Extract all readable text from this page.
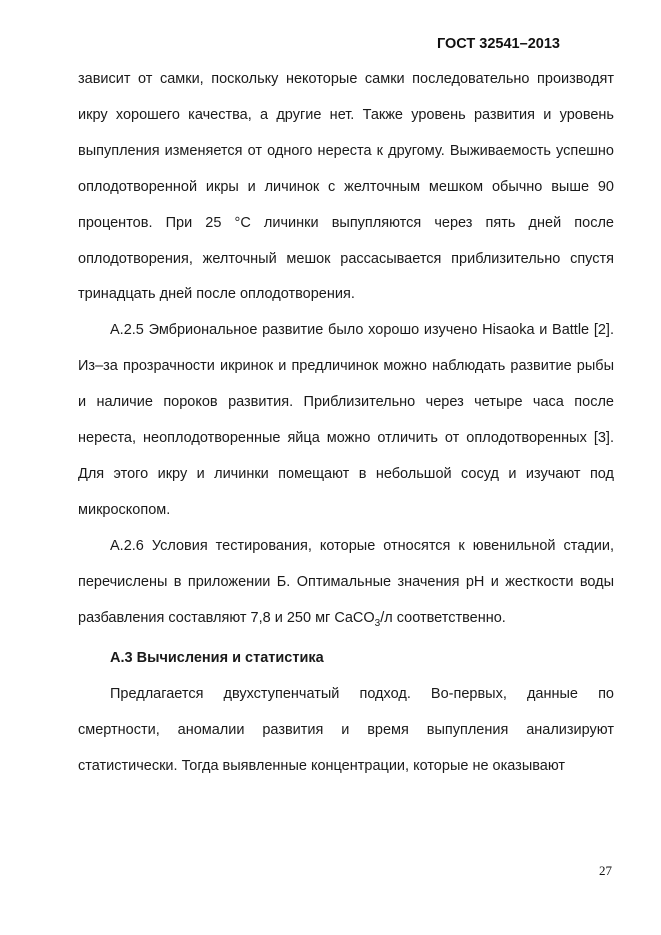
ГОСТ 32541–2013

зависит от самки, поскольку некоторые самки последовательно производят икру хорошего качества, а другие нет. Также уровень развития и уровень выпупления изменяется от одного нереста к другому. Выживаемость успешно оплодотворенной икры и личинок с желточным мешком обычно выше 90 процентов. При 25 °С личинки выпупляются через пять дней после оплодотворения, желточный мешок рассасывается приблизительно спустя тринадцать дней после оплодотворения.

А.2.5 Эмбриональное развитие было хорошо изучено Hisaoka и Battle [2]. Из–за прозрачности икринок и предличинок можно наблюдать развитие рыбы и наличие пороков развития. Приблизительно через четыре часа после нереста, неоплодотворенные яйца можно отличить от оплодотворенных [3]. Для этого икру и личинки помещают в небольшой сосуд и изучают под микроскопом.

А.2.6 Условия тестирования, которые относятся к ювенильной стадии, перечислены в приложении Б. Оптимальные значения рН и жесткости воды разбавления составляют 7,8 и 250 мг CaCO$_3$/л соответственно.

А.3 Вычисления и статистика

Предлагается двухступенчатый подход. Во-первых, данные по смертности, аномалии развития и время выпупления анализируют статистически. Тогда выявленные концентрации, которые не оказывают

27
